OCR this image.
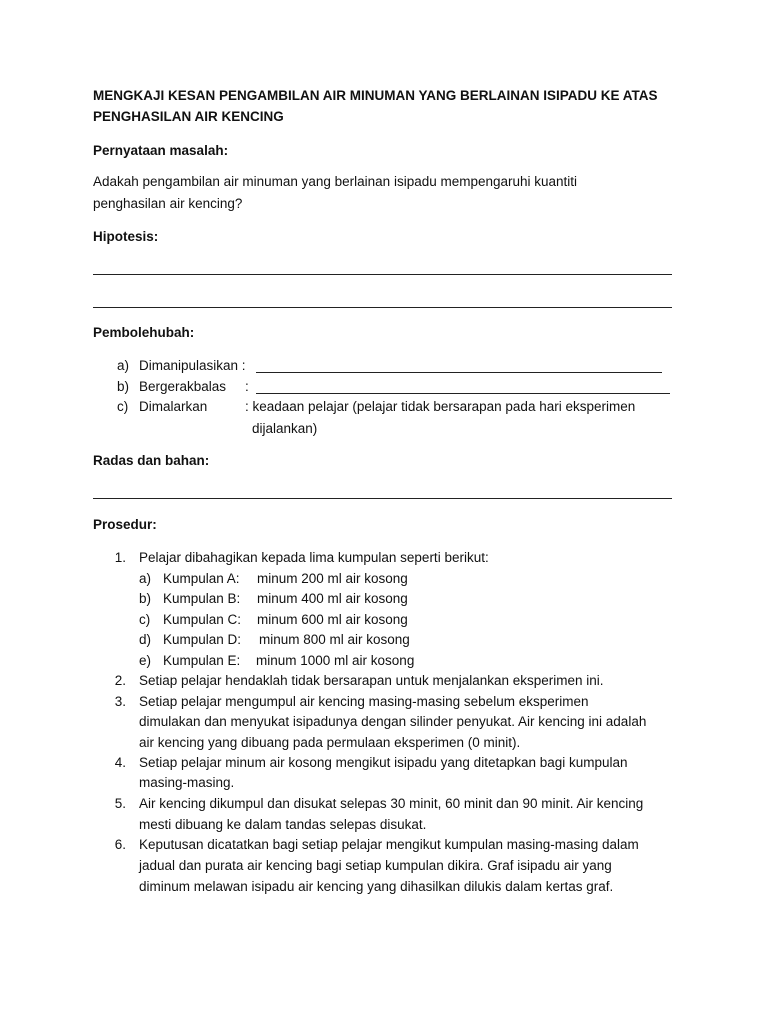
MENGKAJI KESAN PENGAMBILAN AIR MINUMAN YANG BERLAINAN ISIPADU KE ATAS
PENGHASILAN AIR KENCING
Pernyataan masalah:
Adakah pengambilan air minuman yang berlainan isipadu mempengaruhi kuantiti
penghasilan air kencing?
Hipotesis:
Pembolehubah:
a) Dimanipulasikan :
b) Bergerakbalas :
c) Dimalarkan	: keadaan pelajar (pelajar tidak bersarapan pada hari eksperimen
dijalankan)
Radas dan bahan:
Prosedur:
1. Pelajar dibahagikan kepada lima kumpulan seperti berikut:
a) Kumpulan A: minum 200 ml air kosong
b) Kumpulan B: minum 400 ml air kosong
c) Kumpulan C: minum 600 ml air kosong
d) Kumpulan D: minum 800 ml air kosong
e) Kumpulan E: minum 1000 ml air kosong
2. Setiap pelajar hendaklah tidak bersarapan untuk menjalankan eksperimen ini.
3. Setiap pelajar mengumpul air kencing masing-masing sebelum eksperimen
dimulakan dan menyukat isipadunya dengan silinder penyukat. Air kencing ini adalah
air kencing yang dibuang pada permulaan eksperimen (0 minit).
4. Setiap pelajar minum air kosong mengikut isipadu yang ditetapkan bagi kumpulan
masing-masing.
5. Air kencing dikumpul dan disukat selepas 30 minit, 60 minit dan 90 minit. Air kencing
mesti dibuang ke dalam tandas selepas disukat.
6. Keputusan dicatatkan bagi setiap pelajar mengikut kumpulan masing-masing dalam
jadual dan purata air kencing bagi setiap kumpulan dikira. Graf isipadu air yang
diminum melawan isipadu air kencing yang dihasilkan dilukis dalam kertas graf.
